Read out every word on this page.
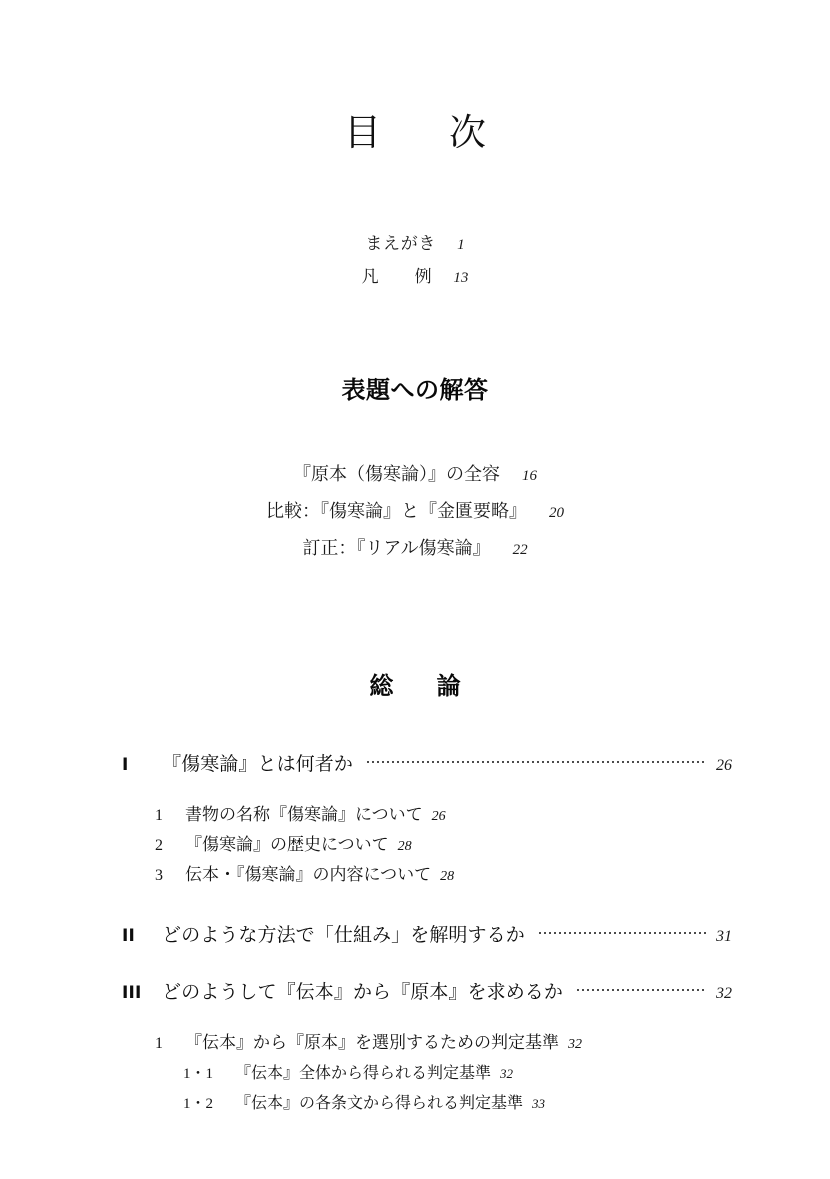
目　次
まえがき   1
凡　　例   13
表題への解答
『原本（傷寒論）』の全容   16
比較：『傷寒論』と『金匱要略』   20
訂正：『リアル傷寒論』   22
総　論
I	『傷寒論』とは何者か	26
1	書物の名称『傷寒論』について 26
2	『傷寒論』の歴史について 28
3	伝本・『傷寒論』の内容について 28
II	どのような方法で「仕組み」を解明するか	31
III	どのようして『伝本』から『原本』を求めるか	32
1	『伝本』から『原本』を選別するための判定基準 32
1・1	『伝本』全体から得られる判定基準 32
1・2	『伝本』の各条文から得られる判定基準 33
